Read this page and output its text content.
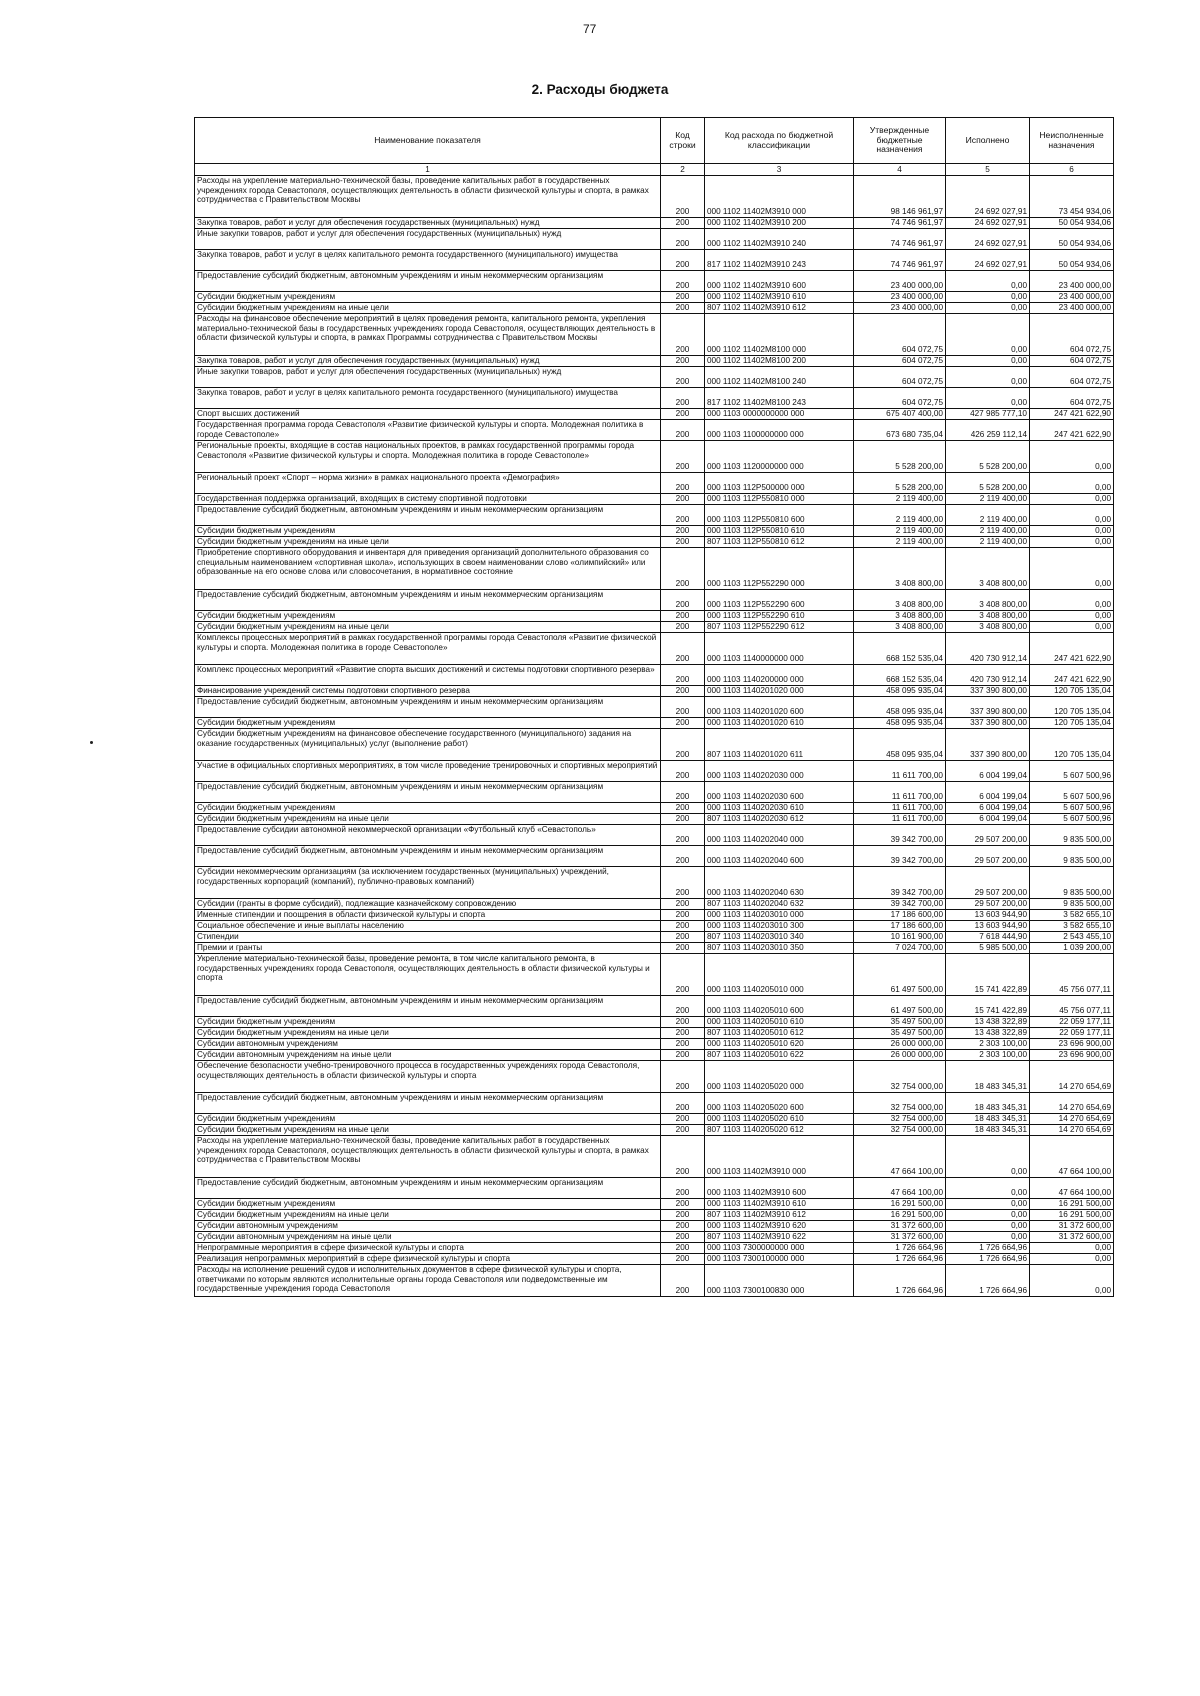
77
2. Расходы бюджета
Наименование показателя	Код строки	Код расхода по бюджетной классификации	Утвержденные бюджетные назначения	Исполнено	Неисполненные назначения
1	2	3	4	5	6
Расходы на укрепление материально-технической базы, проведение капитальных работ в государственных учреждениях города Севастополя, осуществляющих деятельность в области физической культуры и спорта, в рамках сотрудничества с Правительством Москвы	200	000 1102 11402M3910 000	98 146 961,97	24 692 027,91	73 454 934,06
Закупка товаров, работ и услуг для обеспечения государственных (муниципальных) нужд	200	000 1102 11402M3910 200	74 746 961,97	24 692 027,91	50 054 934,06
Иные закупки товаров, работ и услуг для обеспечения государственных (муниципальных) нужд	200	000 1102 11402M3910 240	74 746 961,97	24 692 027,91	50 054 934,06
Закупка товаров, работ и услуг в целях капитального ремонта государственного (муниципального) имущества	200	817 1102 11402M3910 243	74 746 961,97	24 692 027,91	50 054 934,06
Предоставление субсидий бюджетным, автономным учреждениям и иным некоммерческим организациям	200	000 1102 11402M3910 600	23 400 000,00	0,00	23 400 000,00
Субсидии бюджетным учреждениям	200	000 1102 11402M3910 610	23 400 000,00	0,00	23 400 000,00
Субсидии бюджетным учреждениям на иные цели	200	807 1102 11402M3910 612	23 400 000,00	0,00	23 400 000,00
Расходы на финансовое обеспечение мероприятий в целях проведения ремонта, капитального ремонта, укрепления материально-технической базы в государственных учреждениях города Севастополя, осуществляющих деятельность в области физической культуры и спорта, в рамках Программы сотрудничества с Правительством Москвы	200	000 1102 11402M8100 000	604 072,75	0,00	604 072,75
Закупка товаров, работ и услуг для обеспечения государственных (муниципальных) нужд	200	000 1102 11402M8100 200	604 072,75	0,00	604 072,75
Иные закупки товаров, работ и услуг для обеспечения государственных (муниципальных) нужд	200	000 1102 11402M8100 240	604 072,75	0,00	604 072,75
Закупка товаров, работ и услуг в целях капитального ремонта государственного (муниципального) имущества	200	817 1102 11402M8100 243	604 072,75	0,00	604 072,75
Спорт высших достижений	200	000 1103 0000000000 000	675 407 400,00	427 985 777,10	247 421 622,90
Государственная программа города Севастополя «Развитие физической культуры и спорта. Молодежная политика в городе Севастополе»	200	000 1103 1100000000 000	673 680 735,04	426 259 112,14	247 421 622,90
Региональные проекты, входящие в состав национальных проектов, в рамках государственной программы города Севастополя «Развитие физической культуры и спорта. Молодежная политика в городе Севастополе»	200	000 1103 1120000000 000	5 528 200,00	5 528 200,00	0,00
Региональный проект «Спорт – норма жизни» в рамках национального проекта «Демография»	200	000 1103 112P500000 000	5 528 200,00	5 528 200,00	0,00
Государственная поддержка организаций, входящих в систему спортивной подготовки	200	000 1103 112P550810 000	2 119 400,00	2 119 400,00	0,00
Предоставление субсидий бюджетным, автономным учреждениям и иным некоммерческим организациям	200	000 1103 112P550810 600	2 119 400,00	2 119 400,00	0,00
Субсидии бюджетным учреждениям	200	000 1103 112P550810 610	2 119 400,00	2 119 400,00	0,00
Субсидии бюджетным учреждениям на иные цели	200	807 1103 112P550810 612	2 119 400,00	2 119 400,00	0,00
Приобретение спортивного оборудования и инвентаря для приведения организаций дополнительного образования со специальным наименованием «спортивная школа», использующих в своем наименовании слово «олимпийский» или образованные на его основе слова или словосочетания, в нормативное состояние	200	000 1103 112P552290 000	3 408 800,00	3 408 800,00	0,00
Предоставление субсидий бюджетным, автономным учреждениям и иным некоммерческим организациям	200	000 1103 112P552290 600	3 408 800,00	3 408 800,00	0,00
Субсидии бюджетным учреждениям	200	000 1103 112P552290 610	3 408 800,00	3 408 800,00	0,00
Субсидии бюджетным учреждениям на иные цели	200	807 1103 112P552290 612	3 408 800,00	3 408 800,00	0,00
Комплексы процессных мероприятий в рамках государственной программы города Севастополя «Развитие физической культуры и спорта. Молодежная политика в городе Севастополе»	200	000 1103 1140000000 000	668 152 535,04	420 730 912,14	247 421 622,90
Комплекс процессных мероприятий «Развитие спорта высших достижений и системы подготовки спортивного резерва»	200	000 1103 1140200000 000	668 152 535,04	420 730 912,14	247 421 622,90
Финансирование учреждений системы подготовки спортивного резерва	200	000 1103 1140201020 000	458 095 935,04	337 390 800,00	120 705 135,04
Предоставление субсидий бюджетным, автономным учреждениям и иным некоммерческим организациям	200	000 1103 1140201020 600	458 095 935,04	337 390 800,00	120 705 135,04
Субсидии бюджетным учреждениям	200	000 1103 1140201020 610	458 095 935,04	337 390 800,00	120 705 135,04
Субсидии бюджетным учреждениям на финансовое обеспечение государственного (муниципального) задания на оказание государственных (муниципальных) услуг (выполнение работ)	200	807 1103 1140201020 611	458 095 935,04	337 390 800,00	120 705 135,04
Участие в официальных спортивных мероприятиях, в том числе проведение тренировочных и спортивных мероприятий	200	000 1103 1140202030 000	11 611 700,00	6 004 199,04	5 607 500,96
Предоставление субсидий бюджетным, автономным учреждениям и иным некоммерческим организациям	200	000 1103 1140202030 600	11 611 700,00	6 004 199,04	5 607 500,96
Субсидии бюджетным учреждениям	200	000 1103 1140202030 610	11 611 700,00	6 004 199,04	5 607 500,96
Субсидии бюджетным учреждениям на иные цели	200	807 1103 1140202030 612	11 611 700,00	6 004 199,04	5 607 500,96
Предоставление субсидии автономной некоммерческой организации «Футбольный клуб «Севастополь»	200	000 1103 1140202040 000	39 342 700,00	29 507 200,00	9 835 500,00
Предоставление субсидий бюджетным, автономным учреждениям и иным некоммерческим организациям	200	000 1103 1140202040 600	39 342 700,00	29 507 200,00	9 835 500,00
Субсидии некоммерческим организациям (за исключением государственных (муниципальных) учреждений, государственных корпораций (компаний), публично-правовых компаний)	200	000 1103 1140202040 630	39 342 700,00	29 507 200,00	9 835 500,00
Субсидии (гранты в форме субсидий), подлежащие казначейскому сопровождению	200	807 1103 1140202040 632	39 342 700,00	29 507 200,00	9 835 500,00
Именные стипендии и поощрения в области физической культуры и спорта	200	000 1103 1140203010 000	17 186 600,00	13 603 944,90	3 582 655,10
Социальное обеспечение и иные выплаты населению	200	000 1103 1140203010 300	17 186 600,00	13 603 944,90	3 582 655,10
Стипендии	200	807 1103 1140203010 340	10 161 900,00	7 618 444,90	2 543 455,10
Премии и гранты	200	807 1103 1140203010 350	7 024 700,00	5 985 500,00	1 039 200,00
Укрепление материально-технической базы, проведение ремонта, в том числе капитального ремонта, в государственных учреждениях города Севастополя, осуществляющих деятельность в области физической культуры и спорта	200	000 1103 1140205010 000	61 497 500,00	15 741 422,89	45 756 077,11
Предоставление субсидий бюджетным, автономным учреждениям и иным некоммерческим организациям	200	000 1103 1140205010 600	61 497 500,00	15 741 422,89	45 756 077,11
Субсидии бюджетным учреждениям	200	000 1103 1140205010 610	35 497 500,00	13 438 322,89	22 059 177,11
Субсидии бюджетным учреждениям на иные цели	200	807 1103 1140205010 612	35 497 500,00	13 438 322,89	22 059 177,11
Субсидии автономным учреждениям	200	000 1103 1140205010 620	26 000 000,00	2 303 100,00	23 696 900,00
Субсидии автономным учреждениям на иные цели	200	807 1103 1140205010 622	26 000 000,00	2 303 100,00	23 696 900,00
Обеспечение безопасности учебно-тренировочного процесса в государственных учреждениях города Севастополя, осуществляющих деятельность в области физической культуры и спорта	200	000 1103 1140205020 000	32 754 000,00	18 483 345,31	14 270 654,69
Предоставление субсидий бюджетным, автономным учреждениям и иным некоммерческим организациям	200	000 1103 1140205020 600	32 754 000,00	18 483 345,31	14 270 654,69
Субсидии бюджетным учреждениям	200	000 1103 1140205020 610	32 754 000,00	18 483 345,31	14 270 654,69
Субсидии бюджетным учреждениям на иные цели	200	807 1103 1140205020 612	32 754 000,00	18 483 345,31	14 270 654,69
Расходы на укрепление материально-технической базы, проведение капитальных работ в государственных учреждениях города Севастополя, осуществляющих деятельность в области физической культуры и спорта, в рамках сотрудничества с Правительством Москвы	200	000 1103 11402M3910 000	47 664 100,00	0,00	47 664 100,00
Предоставление субсидий бюджетным, автономным учреждениям и иным некоммерческим организациям	200	000 1103 11402M3910 600	47 664 100,00	0,00	47 664 100,00
Субсидии бюджетным учреждениям	200	000 1103 11402M3910 610	16 291 500,00	0,00	16 291 500,00
Субсидии бюджетным учреждениям на иные цели	200	807 1103 11402M3910 612	16 291 500,00	0,00	16 291 500,00
Субсидии автономным учреждениям	200	000 1103 11402M3910 620	31 372 600,00	0,00	31 372 600,00
Субсидии автономным учреждениям на иные цели	200	807 1103 11402M3910 622	31 372 600,00	0,00	31 372 600,00
Непрограммные мероприятия в сфере физической культуры и спорта	200	000 1103 7300000000 000	1 726 664,96	1 726 664,96	0,00
Реализация непрограммных мероприятий в сфере физической культуры и спорта	200	000 1103 7300100000 000	1 726 664,96	1 726 664,96	0,00
Расходы на исполнение решений судов и исполнительных документов в сфере физической культуры и спорта, ответчиками по которым являются исполнительные органы города Севастополя или подведомственные им государственные учреждения города Севастополя	200	000 1103 7300100830 000	1 726 664,96	1 726 664,96	0,00
